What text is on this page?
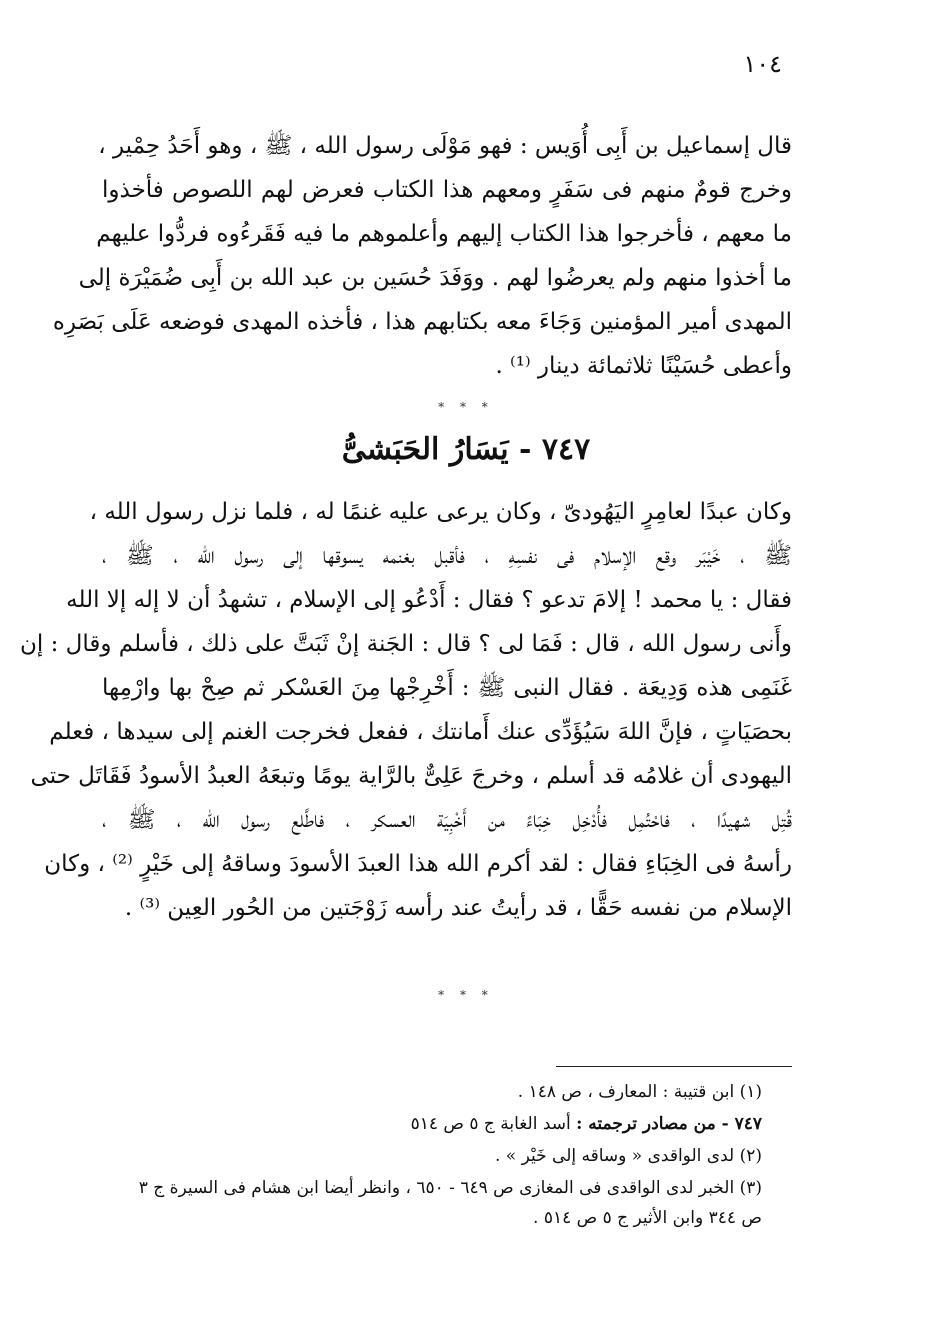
١٠٤
قال إسماعيل بن أَبِى أُوَيس : فهو مَوْلَى رسول الله ، ﷺ ، وهو أَحَدُ حِمْير ،
وخرج قومٌ منهم فى سَفَرٍ ومعهم هذا الكتاب فعرض لهم اللصوص فأخذوا
ما معهم ، فأخرجوا هذا الكتاب إليهم وأعلموهم ما فيه فَقَرءُوه فردُّوا عليهم
ما أخذوا منهم ولم يعرضُوا لهم . ووَفَدَ حُسَين بن عبد الله بن أَبِى ضُمَيْرَة إلى
المهدى أمير المؤمنين وَجَاءَ معه بكتابهم هذا ، فأخذه المهدى فوضعه عَلَى بَصَرِه
وأعطى حُسَيْنًا ثلاثمائة دينار ⁽¹⁾ .
* * *
٧٤٧ - يَسَارُ الحَبَشىُّ
وكان عبدًا لعامِرٍ اليَهُودىّ ، وكان يرعى عليه غنمًا له ، فلما نزل رسول الله ،
ﷺ ، خَيْبَر وقع الإسلام فى نفسِهِ ، فأقبل بغنمه يسوقها إلى رسول الله ، ﷺ ،
فقال : يا محمد ! إلامَ تدعو ؟ فقال : أَدْعُو إلى الإسلام ، تشهدُ أن لا إله إلا الله
وأَنى رسول الله ، قال : فَمَا لى ؟ قال : الجَنة إنْ ثَبَتَّ على ذلك ، فأسلم وقال : إن
غَنَمِى هذه وَدِيعَة . فقال النبى ﷺ : أَخْرِجْها مِنَ العَسْكر ثم صِحْ بها وارْمِها
بحصَيَاتٍ ، فإنَّ اللهَ سَيُؤَدِّى عنك أَمانتك ، ففعل فخرجت الغنم إلى سيدها ، فعلم
اليهودى أن غلامُه قد أسلم ، وخرجَ عَلِىٌّ بالرَّاية يومًا وتبعَهُ العبدُ الأسودُ فَقَاتَل حتى
قُتِل شهيدًا ، فاحْتُمِل فأُدْخِل خِبَاءً من أَخْبِيَة العسكر ، فاطَّلع رسول الله ، ﷺ ،
رأسهُ فى الخِبَاءِ فقال : لقد أكرم الله هذا العبدَ الأسودَ وساقهُ إلى خَيْرٍ ⁽²⁾ ، وكان
الإسلام من نفسه حَقًّا ، قد رأيتُ عند رأسه زَوْجَتين من الحُور العِين ⁽³⁾ .
* * *
(١) ابن قتيبة : المعارف ، ص ١٤٨ .
٧٤٧ - من مصادر ترجمته : أسد الغابة ج ٥ ص ٥١٤
(٢) لدى الواقدى « وساقه إلى خَيْر » .
(٣) الخبر لدى الواقدى فى المغازى ص ٦٤٩ - ٦٥٠ ، وانظر أيضا ابن هشام فى السيرة ج ٣
ص ٣٤٤ وابن الأثير ج ٥ ص ٥١٤ .
